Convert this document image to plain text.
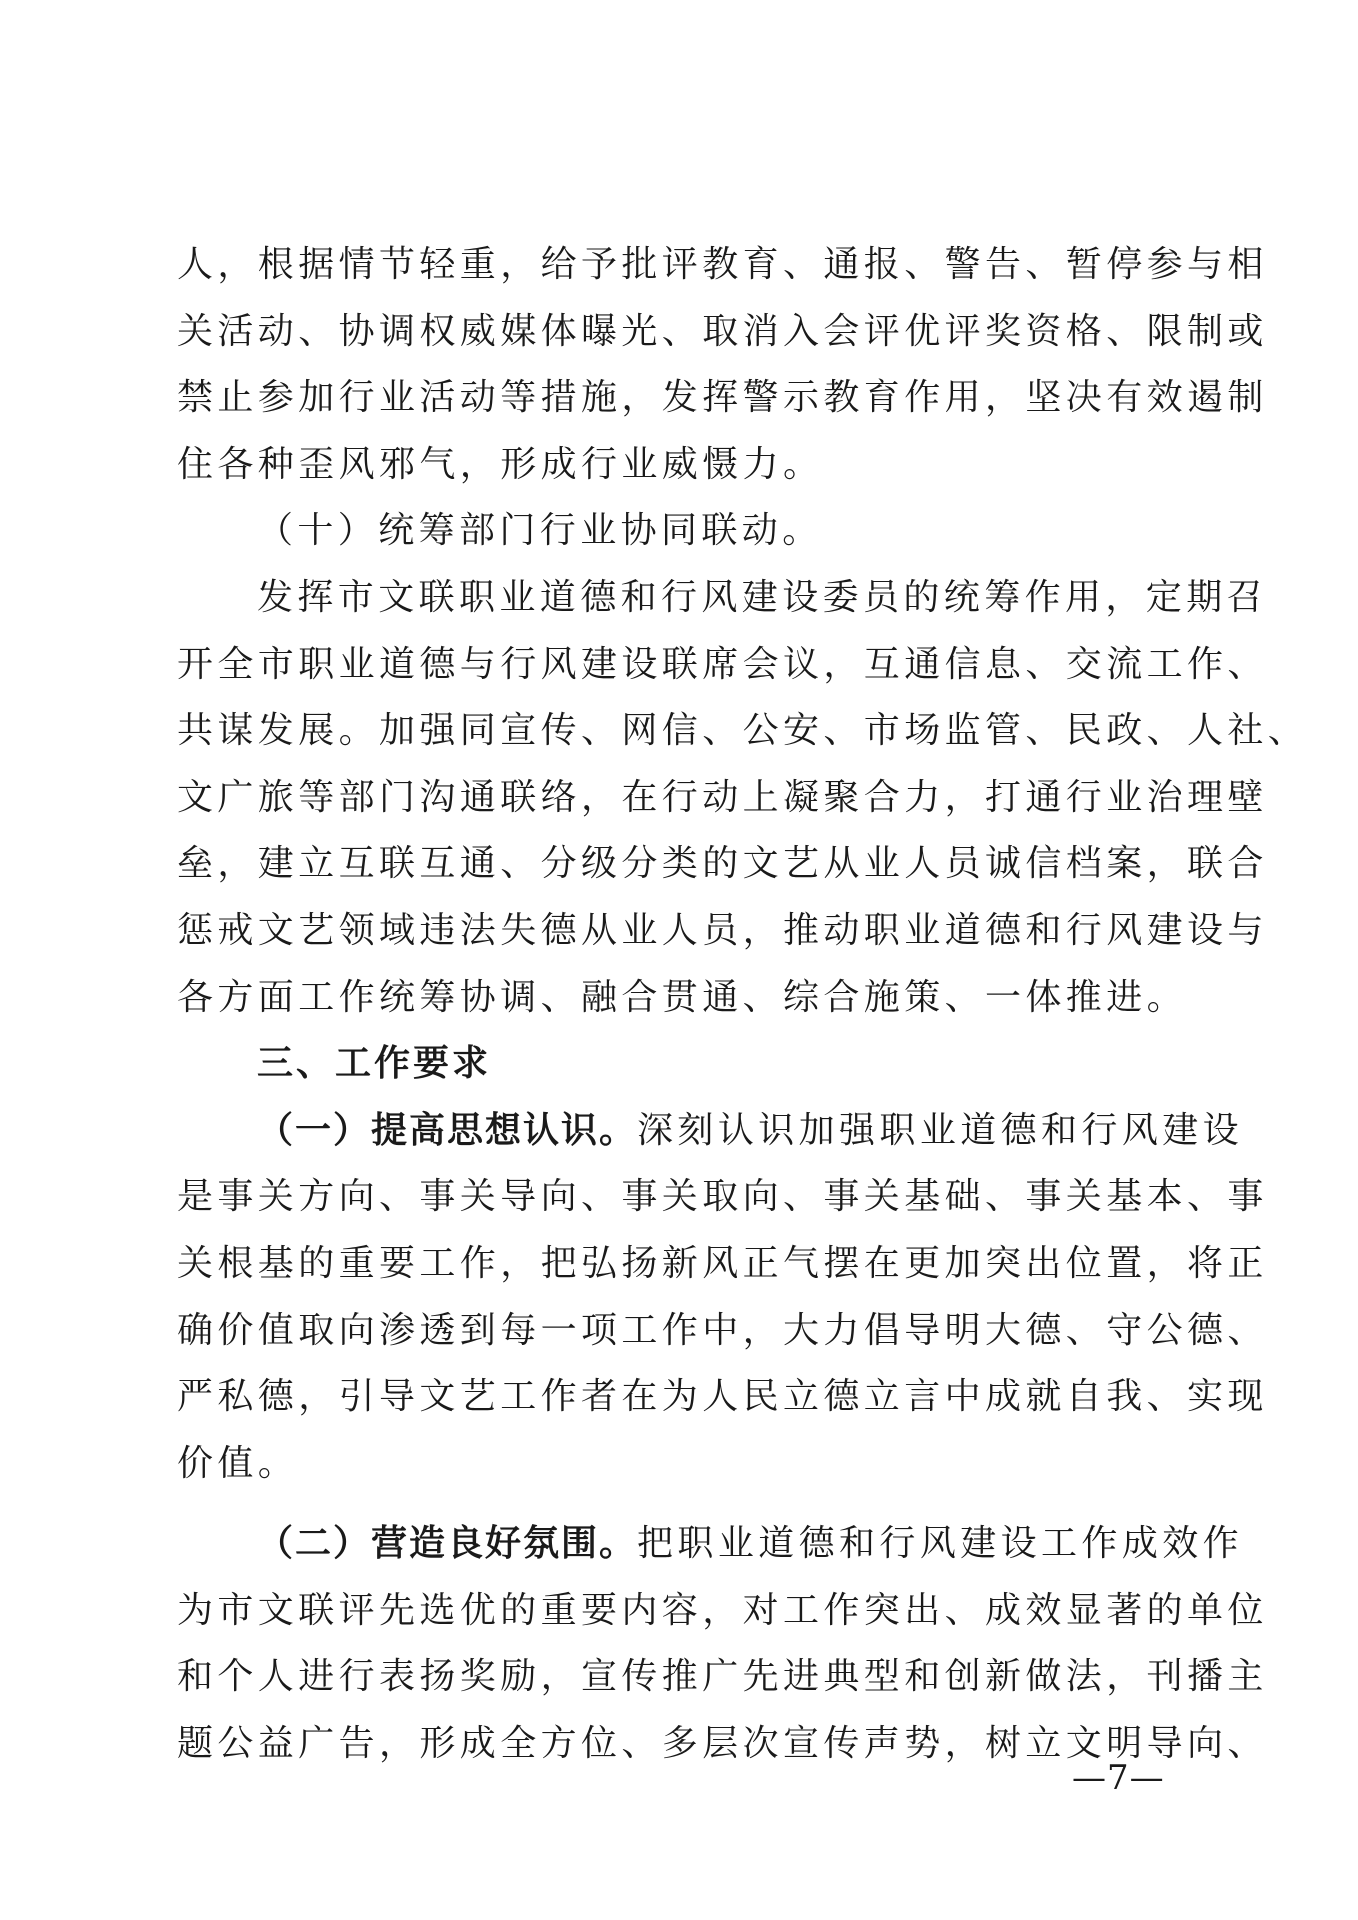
人，根据情节轻重，给予批评教育、通报、警告、暂停参与相
关活动、协调权威媒体曝光、取消入会评优评奖资格、限制或
禁止参加行业活动等措施，发挥警示教育作用，坚决有效遏制
住各种歪风邪气，形成行业威慑力。
（十）统筹部门行业协同联动。
发挥市文联职业道德和行风建设委员的统筹作用，定期召
开全市职业道德与行风建设联席会议，互通信息、交流工作、
共谋发展。加强同宣传、网信、公安、市场监管、民政、人社、
文广旅等部门沟通联络，在行动上凝聚合力，打通行业治理壁
垒，建立互联互通、分级分类的文艺从业人员诚信档案，联合
惩戒文艺领域违法失德从业人员，推动职业道德和行风建设与
各方面工作统筹协调、融合贯通、综合施策、一体推进。
三、工作要求
（一）提高思想认识。深刻认识加强职业道德和行风建设
是事关方向、事关导向、事关取向、事关基础、事关基本、事
关根基的重要工作，把弘扬新风正气摆在更加突出位置，将正
确价值取向渗透到每一项工作中，大力倡导明大德、守公德、
严私德，引导文艺工作者在为人民立德立言中成就自我、实现
价值。
（二）营造良好氛围。把职业道德和行风建设工作成效作
为市文联评先选优的重要内容，对工作突出、成效显著的单位
和个人进行表扬奖励，宣传推广先进典型和创新做法，刊播主
题公益广告，形成全方位、多层次宣传声势，树立文明导向、
—7—
